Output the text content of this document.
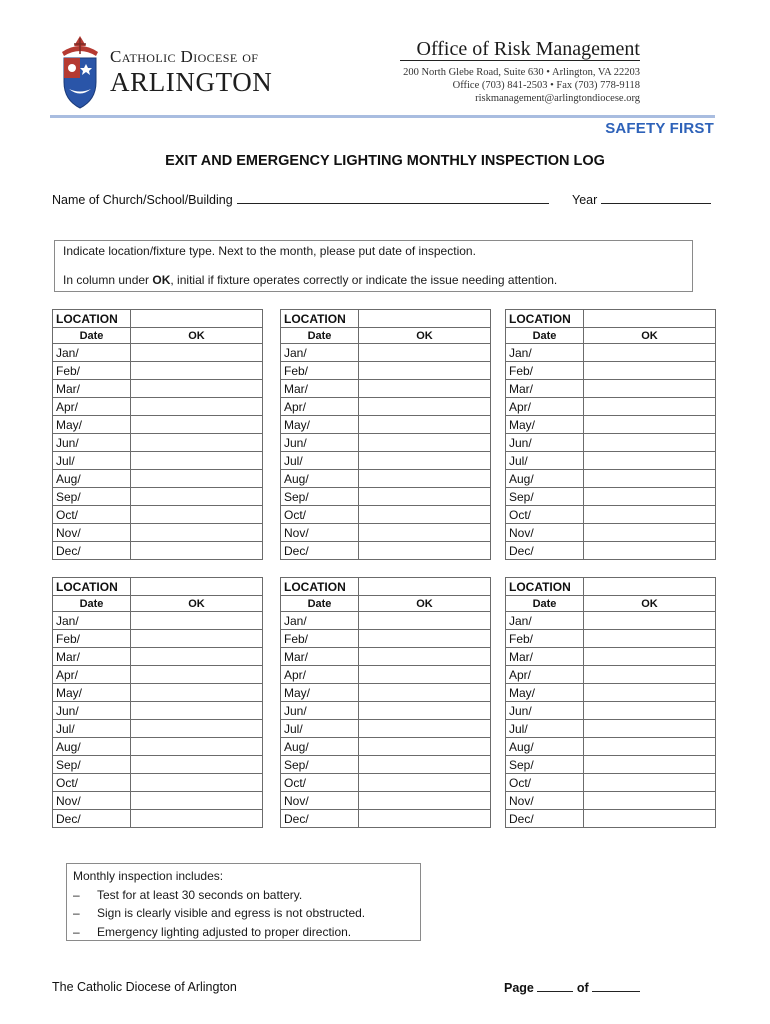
Catholic Diocese of
ARLINGTON
Office of Risk Management
200 North Glebe Road, Suite 630 • Arlington, VA 22203
Office (703) 841-2503 • Fax (703) 778-9118
riskmanagement@arlingtondiocese.org
SAFETY FIRST
EXIT AND EMERGENCY LIGHTING MONTHLY INSPECTION LOG
Name of Church/School/Building	Year

Indicate location/fixture type. Next to the month, please put date of inspection.

In column under OK, initial if fixture operates correctly or indicate the issue needing attention.

LOCATION	
Date	OK
Jan/	
Feb/	
Mar/	
Apr/	
May/	
Jun/	
Jul/	
Aug/	
Sep/	
Oct/	
Nov/	
Dec/	
LOCATION	
Date	OK
Jan/	
Feb/	
Mar/	
Apr/	
May/	
Jun/	
Jul/	
Aug/	
Sep/	
Oct/	
Nov/	
Dec/	
LOCATION	
Date	OK
Jan/	
Feb/	
Mar/	
Apr/	
May/	
Jun/	
Jul/	
Aug/	
Sep/	
Oct/	
Nov/	
Dec/	
LOCATION	
Date	OK
Jan/	
Feb/	
Mar/	
Apr/	
May/	
Jun/	
Jul/	
Aug/	
Sep/	
Oct/	
Nov/	
Dec/	
LOCATION	
Date	OK
Jan/	
Feb/	
Mar/	
Apr/	
May/	
Jun/	
Jul/	
Aug/	
Sep/	
Oct/	
Nov/	
Dec/	
LOCATION	
Date	OK
Jan/	
Feb/	
Mar/	
Apr/	
May/	
Jun/	
Jul/	
Aug/	
Sep/	
Oct/	
Nov/	
Dec/	
Monthly inspection includes:
– Test for at least 30 seconds on battery.
– Sign is clearly visible and egress is not obstructed.
– Emergency lighting adjusted to proper direction.
The Catholic Diocese of Arlington	Page	of
